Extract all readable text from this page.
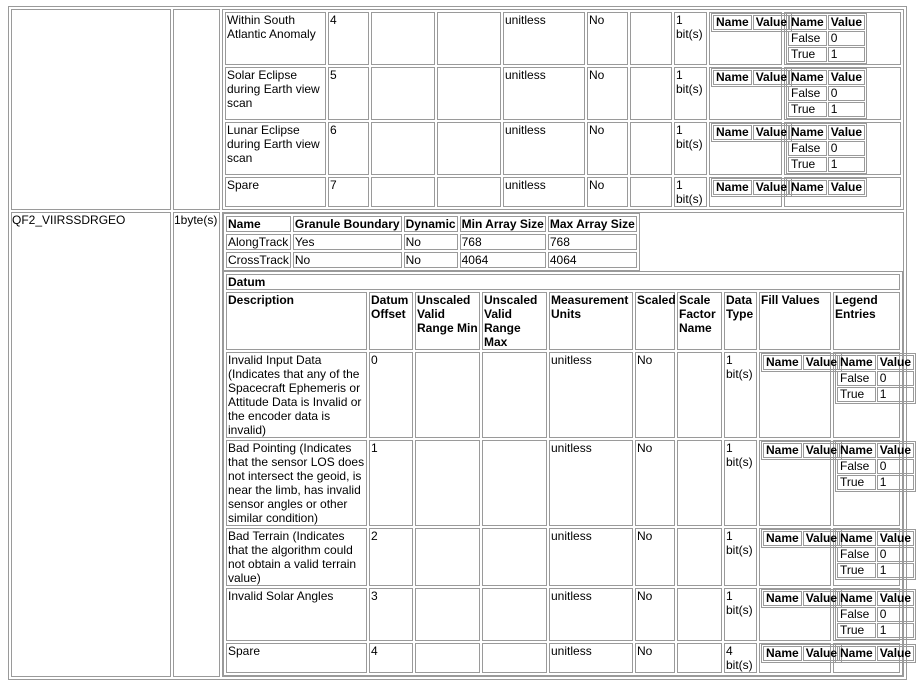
Within South Atlantic Anomaly	4			unitless	No		1 bit(s)	
Name	Value
	Name	Value
False	0
True	1

Solar Eclipse during Earth view scan	5			unitless	No		1 bit(s)	
Name	Value
	Name	Value
False	0
True	1

Lunar Eclipse during Earth view scan	6			unitless	No		1 bit(s)	
Name	Value
	Name	Value
False	0
True	1

Spare	7			unitless	No		1 bit(s)	
Name	Value
	Name	Value

QF2_VIIRSSDRGEO	1byte(s)	Name	Granule Boundary	Dynamic	Min Array Size	Max Array Size
AlongTrack	Yes	No	768	768
CrossTrack	No	No	4064	4064
Datum
Description	Datum Offset	Unscaled Valid Range Min	Unscaled Valid Range Max	Measurement Units	Scaled	Scale Factor Name	Data Type	Fill Values	Legend Entries
Invalid Input Data (Indicates that any of the Spacecraft Ephemeris or Attitude Data is Invalid or the encoder data is invalid)	0			unitless	No		1 bit(s)	
Name	Value
	Name	Value
False	0
True	1

Bad Pointing (Indicates that the sensor LOS does not intersect the geoid, is near the limb, has invalid sensor angles or other similar condition)	1			unitless	No		1 bit(s)	
Name	Value
	Name	Value
False	0
True	1

Bad Terrain (Indicates that the algorithm could not obtain a valid terrain value)	2			unitless	No		1 bit(s)	
Name	Value
	Name	Value
False	0
True	1

Invalid Solar Angles	3			unitless	No		1 bit(s)	
Name	Value
	Name	Value
False	0
True	1

Spare	4			unitless	No		4 bit(s)	
Name	Value
	Name	Value
